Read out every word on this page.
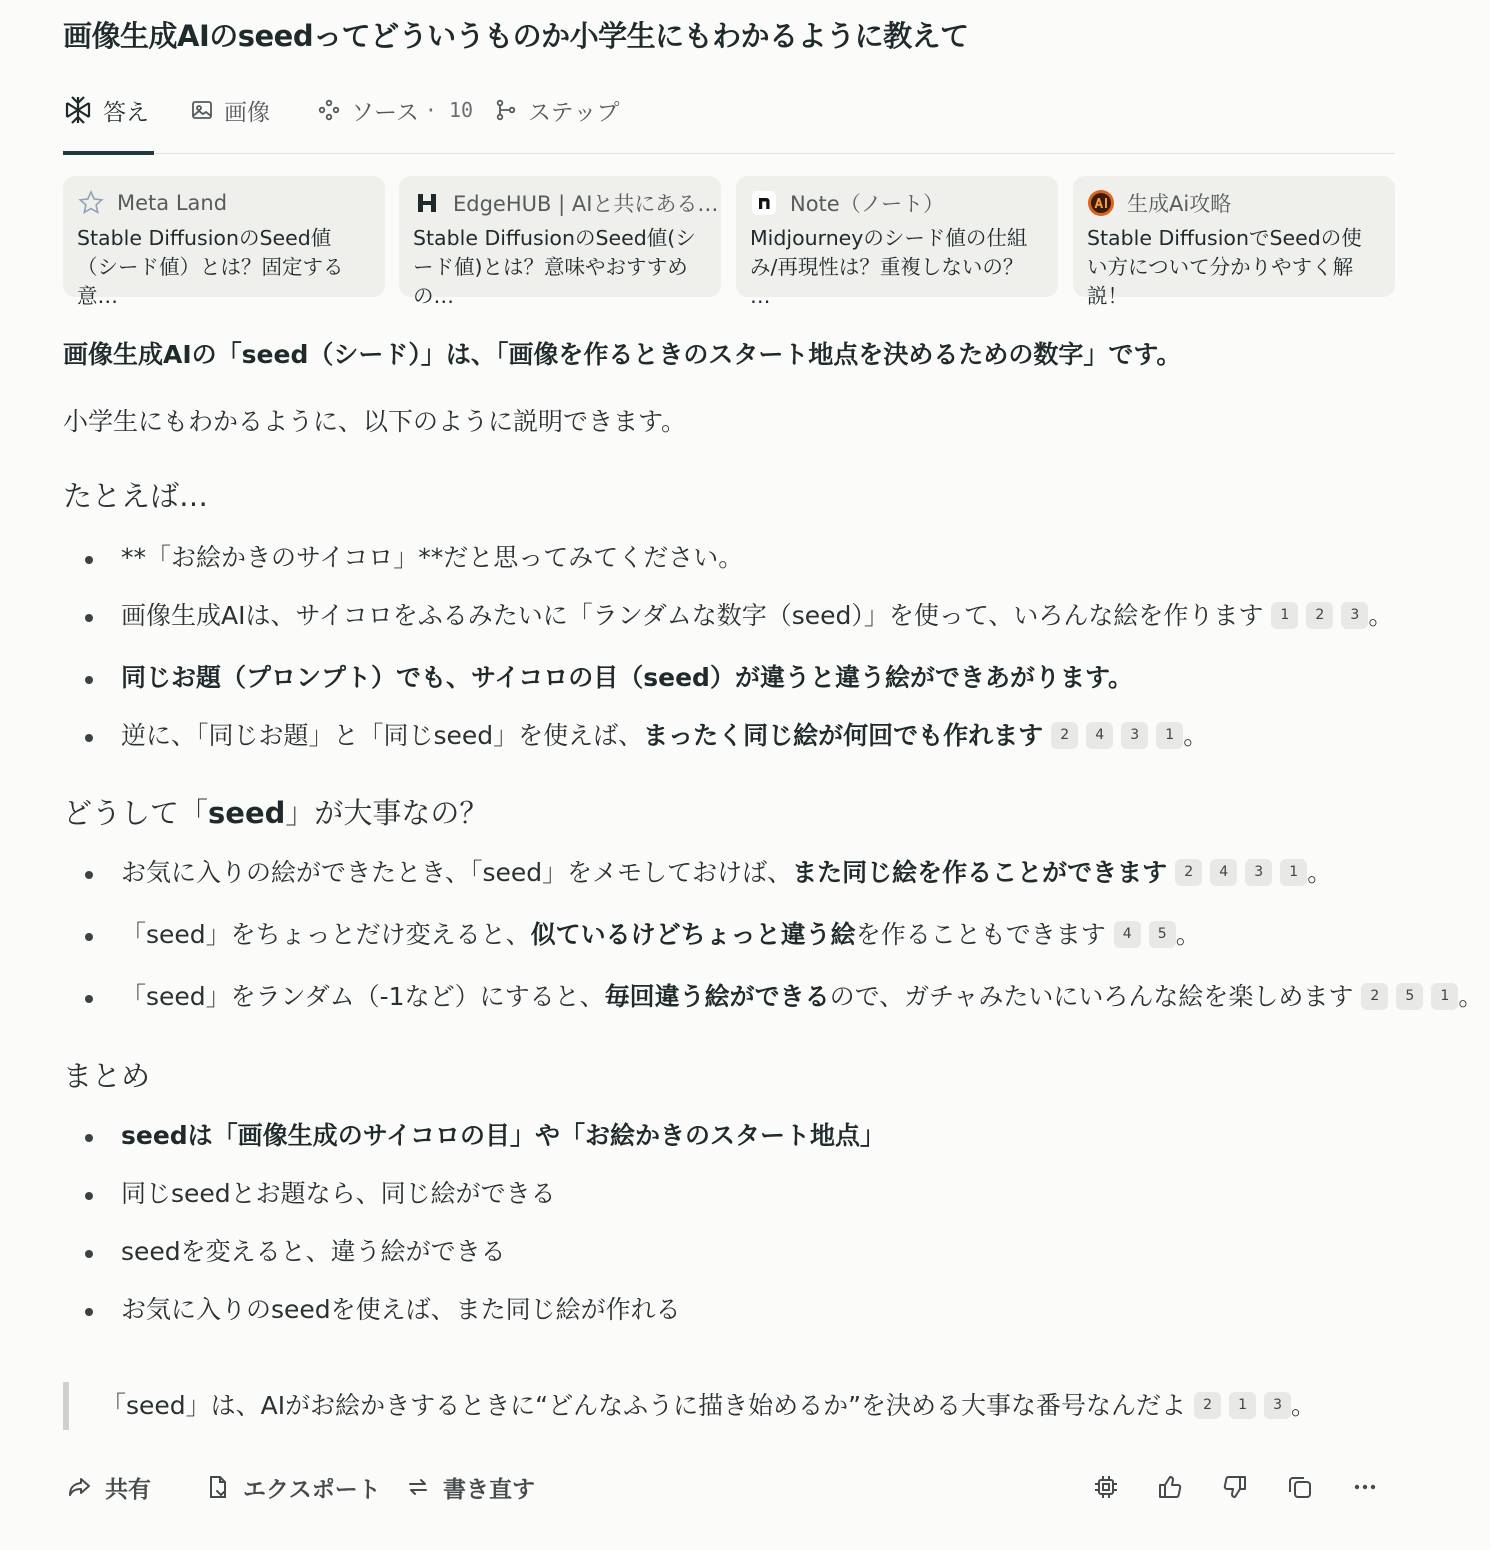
画像生成AIのseedってどういうものか小学生にもわかるように教えて
答え	画像	ソース · 10 ステップ
Meta Land
Stable DiffusionのSeed値（シード値）とは？固定する意…
EdgeHUB | AIと共にある…
Stable DiffusionのSeed値(シード値)とは？意味やおすすめの…
Note（ノート）
Midjourneyのシード値の仕組み/再現性は？重複しないの？ …
生成Ai攻略
Stable DiffusionでSeedの使い方について分かりやすく解説！
画像生成AIの「seed（シード）」は、「画像を作るときのスタート地点を決めるための数字」です。
小学生にもわかるように、以下のように説明できます。
たとえば…
**「お絵かきのサイコロ」**だと思ってみてください。
画像生成AIは、サイコロをふるみたいに「ランダムな数字（seed）」を使って、いろんな絵を作ります 1 2 3 。
同じお題（プロンプト）でも、サイコロの目（seed）が違うと違う絵ができあがります。
逆に、「同じお題」と「同じseed」を使えば、まったく同じ絵が何回でも作れます 2 4 3 1 。
どうして「seed」が大事なの？
お気に入りの絵ができたとき、「seed」をメモしておけば、また同じ絵を作ることができます 2 4 3 1 。
「seed」をちょっとだけ変えると、似ているけどちょっと違う絵を作ることもできます 4 5 。
「seed」をランダム（-1など）にすると、毎回違う絵ができるので、ガチャみたいにいろんな絵を楽しめます 2 5 1 。
まとめ
seedは「画像生成のサイコロの目」や「お絵かきのスタート地点」
同じseedとお題なら、同じ絵ができる
seedを変えると、違う絵ができる
お気に入りのseedを使えば、また同じ絵が作れる
「seed」は、AIがお絵かきするときに“どんなふうに描き始めるか”を決める大事な番号なんだよ 2 1 3 。
共有	エクスポート	書き直す
